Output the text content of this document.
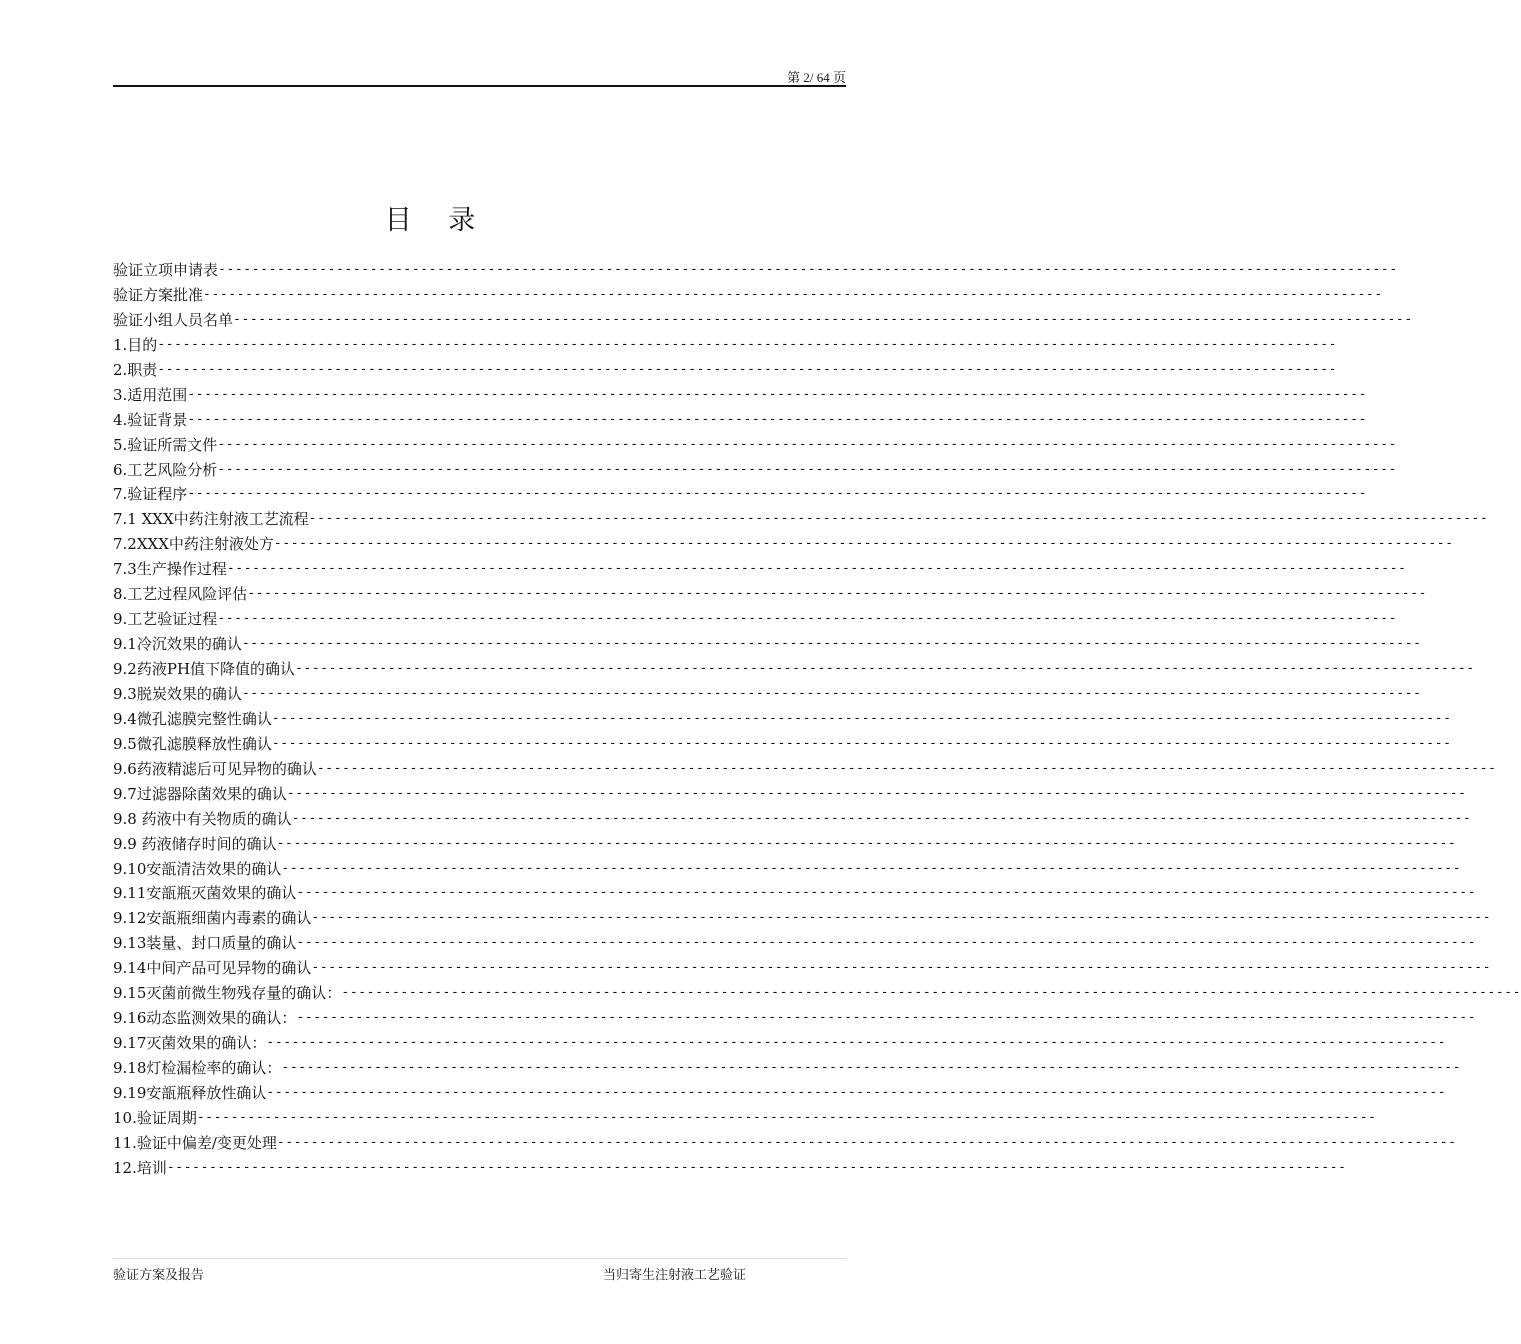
第 2/ 64 页
目 录
验证立项申请表 --------------------------------------------------------------------------------------------------------------------------------------------
验证方案批准 --------------------------------------------------------------------------------------------------------------------------------------------
验证小组人员名单 --------------------------------------------------------------------------------------------------------------------------------------------
1.目的 --------------------------------------------------------------------------------------------------------------------------------------------
2.职责 --------------------------------------------------------------------------------------------------------------------------------------------
3.适用范围 --------------------------------------------------------------------------------------------------------------------------------------------
4.验证背景 --------------------------------------------------------------------------------------------------------------------------------------------
5.验证所需文件 --------------------------------------------------------------------------------------------------------------------------------------------
6.工艺风险分析 --------------------------------------------------------------------------------------------------------------------------------------------
7.验证程序 --------------------------------------------------------------------------------------------------------------------------------------------
7.1 XXX中药注射液工艺流程 --------------------------------------------------------------------------------------------------------------------------------------------
7.2XXX中药注射液处方 --------------------------------------------------------------------------------------------------------------------------------------------
7.3生产操作过程 --------------------------------------------------------------------------------------------------------------------------------------------
8.工艺过程风险评估 --------------------------------------------------------------------------------------------------------------------------------------------
9.工艺验证过程 --------------------------------------------------------------------------------------------------------------------------------------------
9.1冷沉效果的确认 --------------------------------------------------------------------------------------------------------------------------------------------
9.2药液PH值下降值的确认 --------------------------------------------------------------------------------------------------------------------------------------------
9.3脱炭效果的确认 --------------------------------------------------------------------------------------------------------------------------------------------
9.4微孔滤膜完整性确认 --------------------------------------------------------------------------------------------------------------------------------------------
9.5微孔滤膜释放性确认 --------------------------------------------------------------------------------------------------------------------------------------------
9.6药液精滤后可见异物的确认 --------------------------------------------------------------------------------------------------------------------------------------------
9.7过滤器除菌效果的确认 --------------------------------------------------------------------------------------------------------------------------------------------
9.8 药液中有关物质的确认 --------------------------------------------------------------------------------------------------------------------------------------------
9.9 药液储存时间的确认 --------------------------------------------------------------------------------------------------------------------------------------------
9.10安瓿清洁效果的确认 --------------------------------------------------------------------------------------------------------------------------------------------
9.11安瓿瓶灭菌效果的确认 --------------------------------------------------------------------------------------------------------------------------------------------
9.12安瓿瓶细菌内毒素的确认 --------------------------------------------------------------------------------------------------------------------------------------------
9.13装量、封口质量的确认 --------------------------------------------------------------------------------------------------------------------------------------------
9.14中间产品可见异物的确认 --------------------------------------------------------------------------------------------------------------------------------------------
9.15灭菌前微生物残存量的确认： --------------------------------------------------------------------------------------------------------------------------------------------
9.16动态监测效果的确认： --------------------------------------------------------------------------------------------------------------------------------------------
9.17灭菌效果的确认： --------------------------------------------------------------------------------------------------------------------------------------------
9.18灯检漏检率的确认： --------------------------------------------------------------------------------------------------------------------------------------------
9.19安瓿瓶释放性确认 --------------------------------------------------------------------------------------------------------------------------------------------
10.验证周期 --------------------------------------------------------------------------------------------------------------------------------------------
11.验证中偏差/变更处理 --------------------------------------------------------------------------------------------------------------------------------------------
12.培训 --------------------------------------------------------------------------------------------------------------------------------------------
验证方案及报告	当归寄生注射液工艺验证
